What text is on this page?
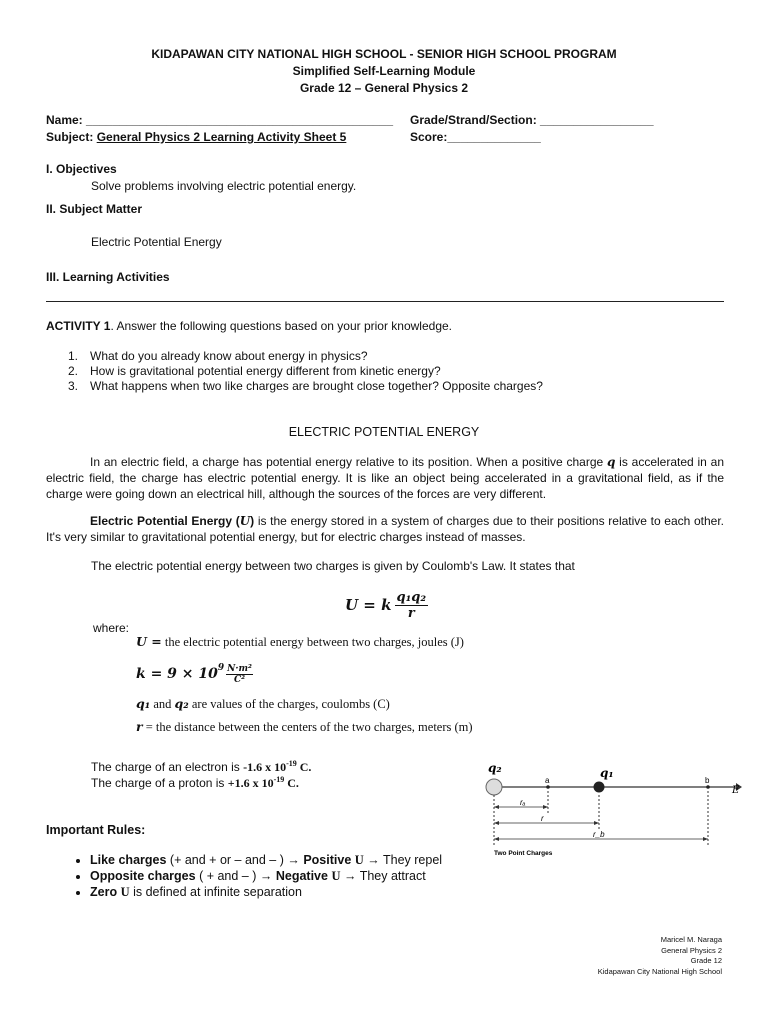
KIDAPAWAN CITY NATIONAL HIGH SCHOOL - SENIOR HIGH SCHOOL PROGRAM
Simplified Self-Learning Module
Grade 12 – General Physics 2
Name: ______________________________________________
Subject: General Physics 2 Learning Activity Sheet 5
Grade/Strand/Section: _________________
Score:______________
I. Objectives
Solve problems involving electric potential energy.
II. Subject Matter
Electric Potential Energy
III. Learning Activities
ACTIVITY 1. Answer the following questions based on your prior knowledge.
1. What do you already know about energy in physics?
2. How is gravitational potential energy different from kinetic energy?
3. What happens when two like charges are brought close together? Opposite charges?
ELECTRIC POTENTIAL ENERGY
In an electric field, a charge has potential energy relative to its position. When a positive charge q is accelerated in an electric field, the charge has electric potential energy. It is like an object being accelerated in a gravitational field, as if the charge were going down an electrical hill, although the sources of the forces are very different.
Electric Potential Energy (U) is the energy stored in a system of charges due to their positions relative to each other. It's very similar to gravitational potential energy, but for electric charges instead of masses.
The electric potential energy between two charges is given by Coulomb's Law. It states that
U = k $\frac{\text{q₁q₂}}{r}$
where:
U = the electric potential energy between two charges, joules (J)
$k = 9 \times 10^9$ N·m²
C²
q₁ and q₂ are values of the charges, coulombs (C)
r = the distance between the centers of the two charges, meters (m)
The charge of an electron is -1.6 x $10^{-19}$ C.
The charge of a proton is +1.6 x $10^{-19}$ C.
q₂	q₁
E
a	b
rₐ
r
r_b
Two Point Charges
Important Rules:
• Like charges (+ and + or – and – ) → Positive U → They repel
• Opposite charges ( + and – ) → Negative U → They attract
• Zero U is defined at infinite separation
Maricel M. Naraga
General Physics 2
Grade 12
Kidapawan City National High School
